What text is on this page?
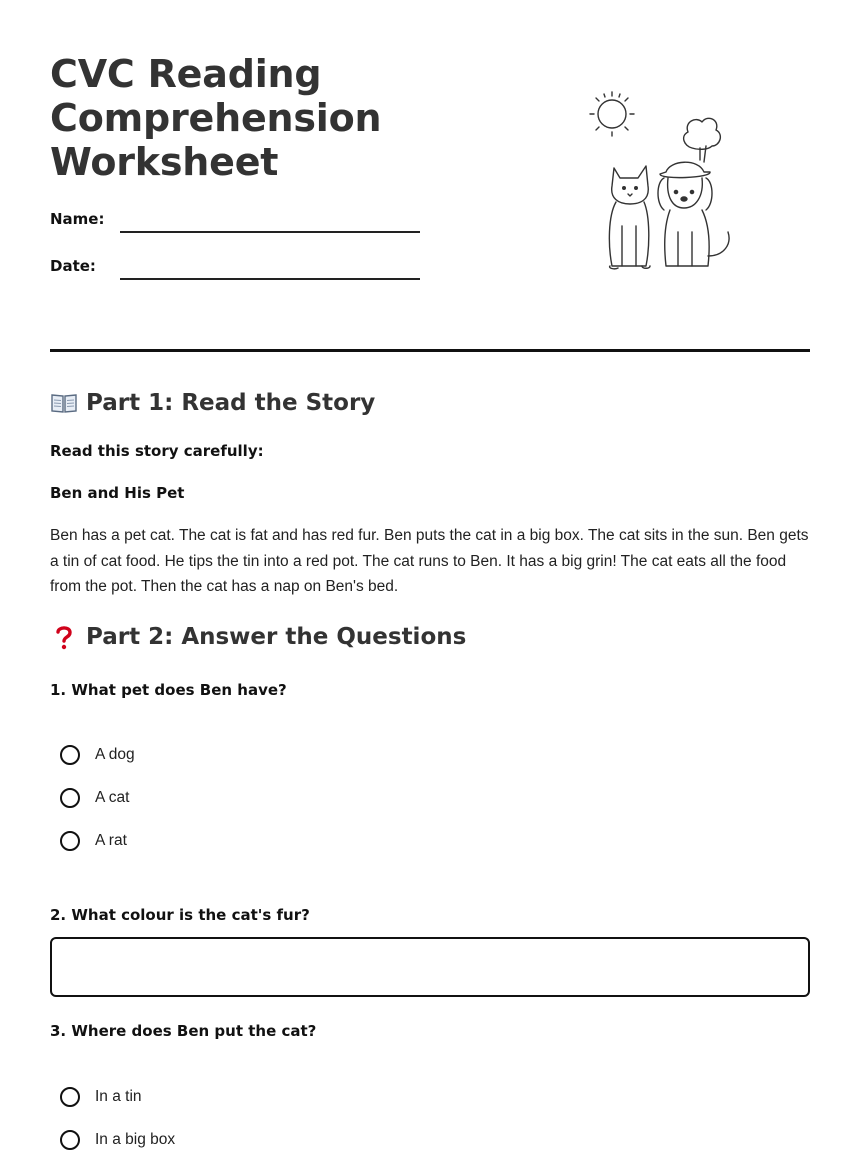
CVC Reading Comprehension Worksheet
Name:
Date:
Part 1: Read the Story
Read this story carefully:
Ben and His Pet

Ben has a pet cat. The cat is fat and has red fur. Ben puts the cat in a big box. The cat sits in the sun. Ben gets a tin of cat food. He tips the tin into a red pot. The cat runs to Ben. It has a big grin! The cat eats all the food from the pot. Then the cat has a nap on Ben's bed.

Part 2: Answer the Questions
1. What pet does Ben have?
A dog
A cat
A rat
2. What colour is the cat's fur?
3. Where does Ben put the cat?
In a tin
In a big box
